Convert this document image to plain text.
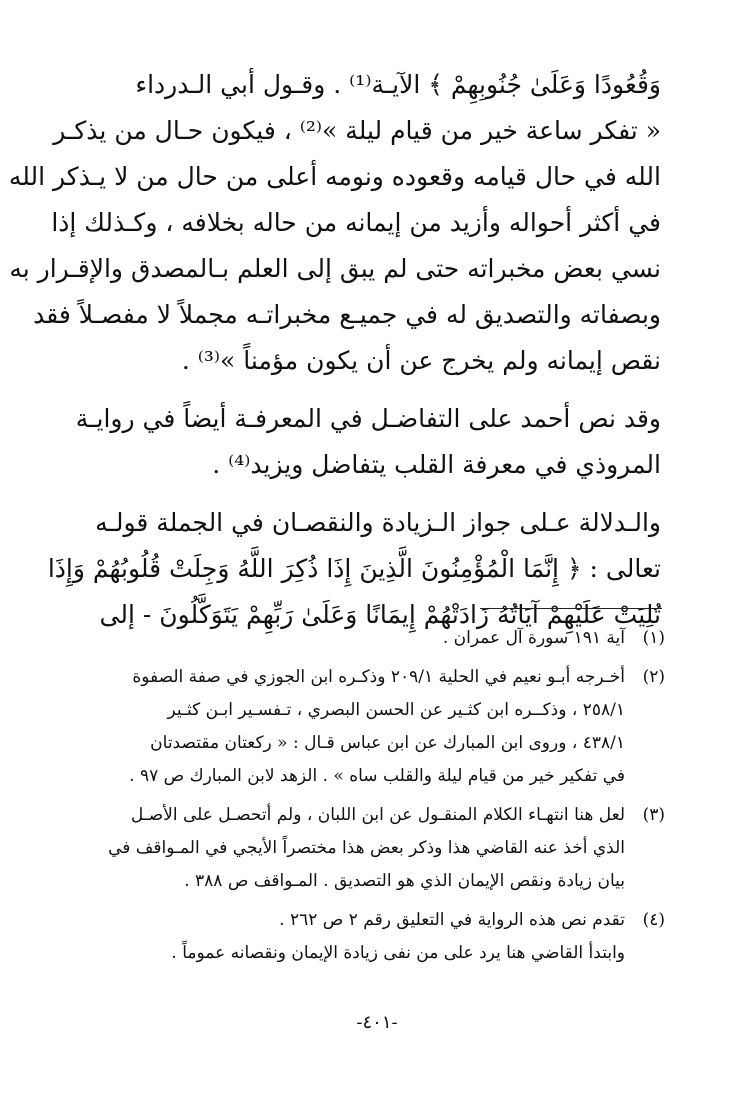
وَقُعُودًا وَعَلَىٰ جُنُوبِهِمْ ﴾ الآيـة⁽¹⁾ . وقـول أبي الـدرداء
« تفكر ساعة خير من قيام ليلة »⁽²⁾ ، فيكون حـال من يذكـر
الله في حال قيامه وقعوده ونومه أعلى من حال من لا يـذكر الله
في أكثر أحواله وأزيد من إيمانه من حاله بخلافه ، وكـذلك إذا
نسي بعض مخبراته حتى لم يبق إلى العلم بـالمصدق والإقـرار به
وبصفاته والتصديق له في جميـع مخبراتـه مجملاً لا مفصـلاً فقد
نقص إيمانه ولم يخرج عن أن يكون مؤمناً »⁽³⁾ .
وقد نص أحمد على التفاضـل في المعرفـة أيضاً في روايـة
المروذي في معرفة القلب يتفاضل ويزيد⁽⁴⁾ .
والـدلالة عـلى جواز الـزيادة والنقصـان في الجملة قولـه
تعالى : ﴿ إِنَّمَا الْمُؤْمِنُونَ الَّذِينَ إِذَا ذُكِرَ اللَّهُ وَجِلَتْ قُلُوبُهُمْ وَإِذَا
تُلِيَتْ عَلَيْهِمْ آيَاتُهُ زَادَتْهُمْ إِيمَانًا وَعَلَىٰ رَبِّهِمْ يَتَوَكَّلُونَ - إلى
(١)
آية ١٩١ سورة آل عمران .
(٢)
أخـرجه أبـو نعيم في الحلية ٢٠٩/١ وذكـره ابن الجوزي في صفة الصفوة
٢٥٨/١ ، وذكــره ابن كثـير عن الحسن البصري ، تـفسـير ابـن كثـير
٤٣٨/١ ، وروى ابن المبارك عن ابن عباس قـال : « ركعتان مقتصدتان
في تفكير خير من قيام ليلة والقلب ساه » . الزهد لابن المبارك ص ٩٧ .
(٣)
لعل هنا انتهـاء الكلام المنقـول عن ابن اللبان ، ولم أتحصـل على الأصـل
الذي أخذ عنه القاضي هذا وذكر بعض هذا مختصراً الأيجي في المـواقف في
بيان زيادة ونقص الإيمان الذي هو التصديق . المـواقف ص ٣٨٨ .
(٤)
تقدم نص هذه الرواية في التعليق رقم ٢ ص ٢٦٢ .
وابتدأ القاضي هنا يرد على من نفى زيادة الإيمان ونقصانه عموماً .
-٤٠١-
